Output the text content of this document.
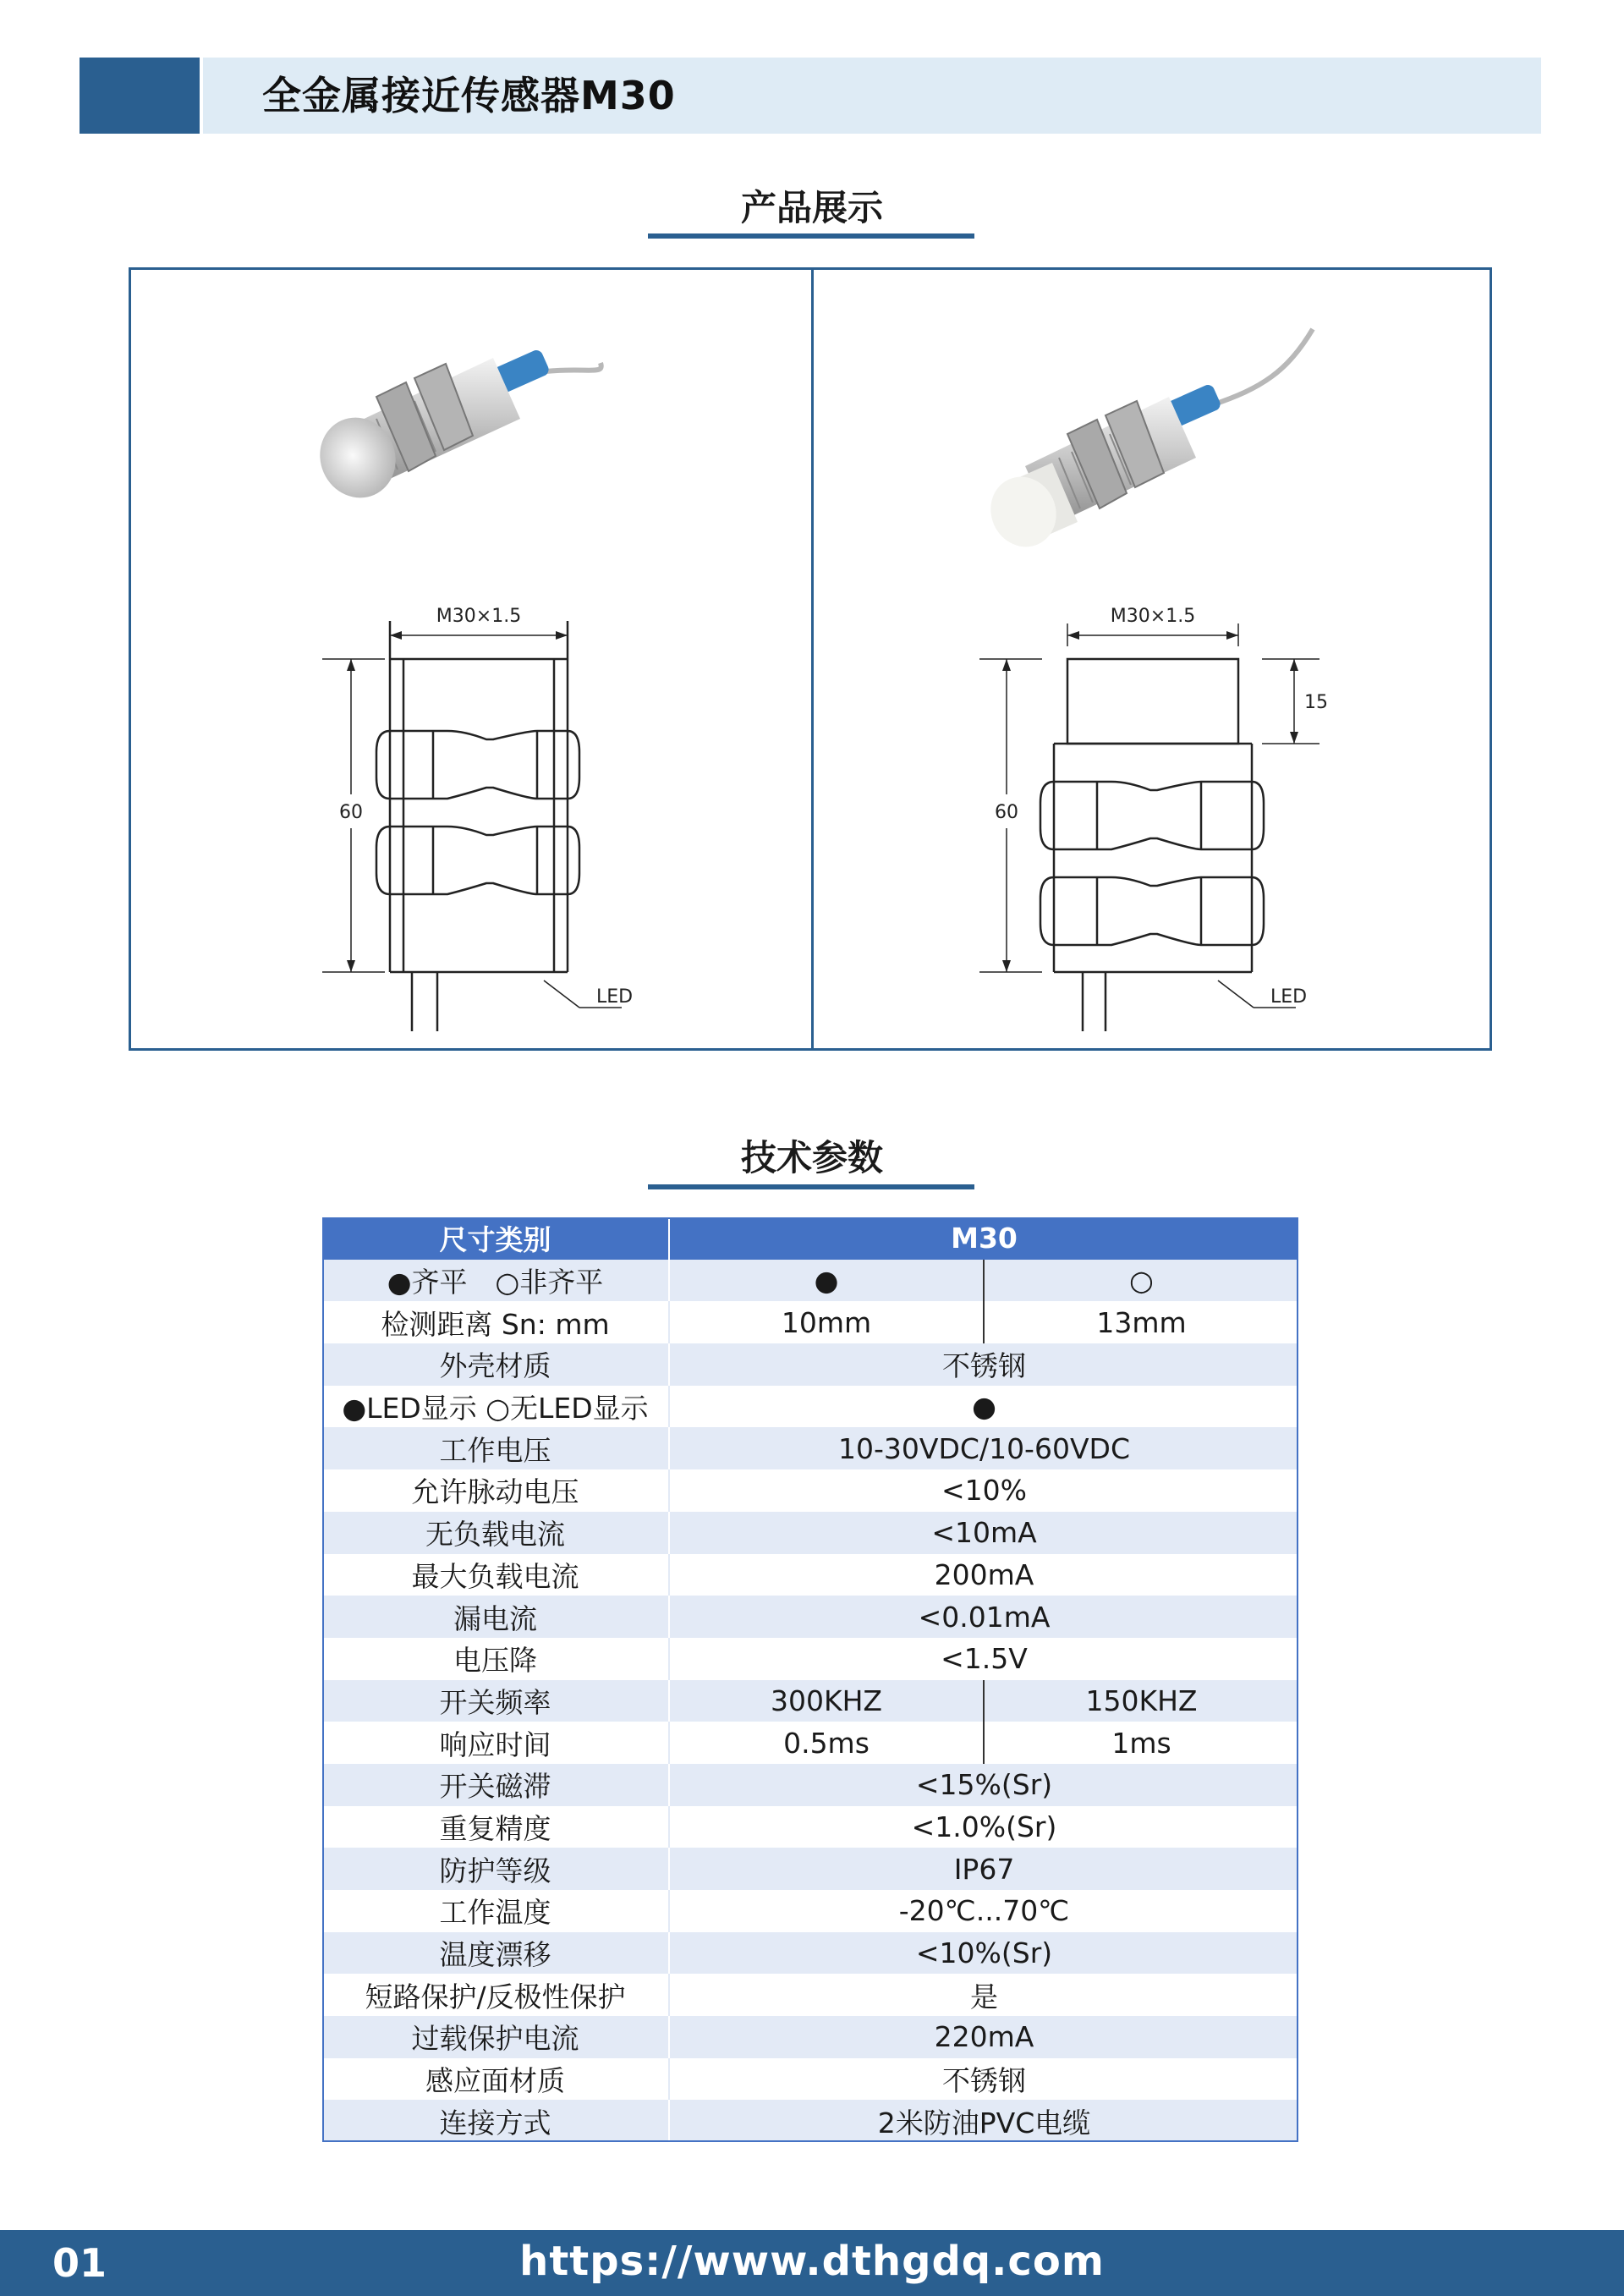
全金属接近传感器M30
产品展示
M30×1.5
60
LED
M30×1.5
60
15
LED
技术参数
尺寸类别	M30	
●齐平　○非齐平	●	○
检测距离 Sn: mm	10mm	13mm
外壳材质	不锈钢	
●LED显示 ○无LED显示	●	
工作电压	10-30VDC/10-60VDC	
允许脉动电压	<10%	
无负载电流	<10mA	
最大负载电流	200mA	
漏电流	<0.01mA	
电压降	<1.5V	
开关频率	300KHZ	150KHZ
响应时间	0.5ms	1ms
开关磁滞	<15%(Sr)	
重复精度	<1.0%(Sr)	
防护等级	IP67	
工作温度	-20℃...70℃	
温度漂移	<10%(Sr)	
短路保护/反极性保护	是	
过载保护电流	220mA	
感应面材质	不锈钢	
连接方式	2米防油PVC电缆	
01	https://www.dthgdq.com
